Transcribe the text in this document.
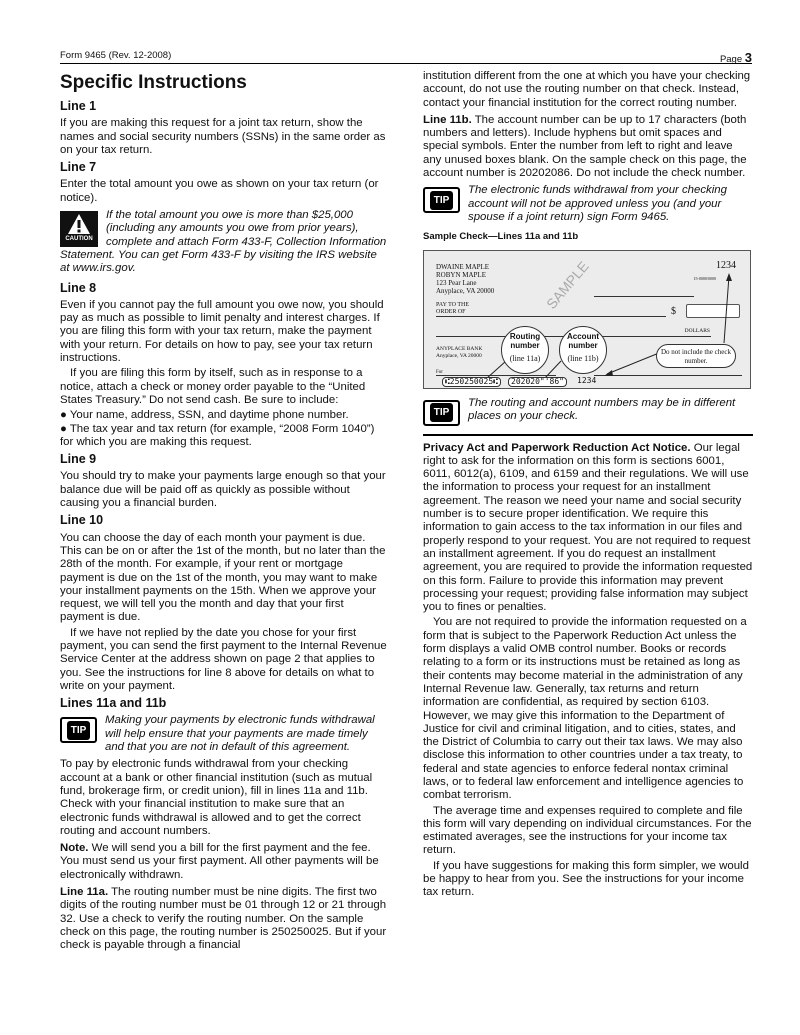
Form 9465 (Rev. 12-2008)	Page 3
Specific Instructions
Line 1

If you are making this request for a joint tax return, show the names and social security numbers (SSNs) in the same order as on your tax return.

Line 7

Enter the total amount you owe as shown on your tax return (or notice).

CAUTION
If the total amount you owe is more than $25,000 (including any amounts you owe from prior years), complete and attach Form 433-F, Collection Information Statement. You can get Form 433-F by visiting the IRS website at www.irs.gov.
Line 8

Even if you cannot pay the full amount you owe now, you should pay as much as possible to limit penalty and interest charges. If you are filing this form with your tax return, make the payment with your return. For details on how to pay, see your tax return instructions.

If you are filing this form by itself, such as in response to a notice, attach a check or money order payable to the “United States Treasury.” Do not send cash. Be sure to include:

● Your name, address, SSN, and daytime phone number.

● The tax year and tax return (for example, “2008 Form 1040”) for which you are making this request.

Line 9

You should try to make your payments large enough so that your balance due will be paid off as quickly as possible without causing you a financial burden.

Line 10

You can choose the day of each month your payment is due. This can be on or after the 1st of the month, but no later than the 28th of the month. For example, if your rent or mortgage payment is due on the 1st of the month, you may want to make your installment payments on the 15th. When we approve your request, we will tell you the month and day that your first payment is due.

If we have not replied by the date you chose for your first payment, you can send the first payment to the Internal Revenue Service Center at the address shown on page 2 that applies to you. See the instructions for line 8 above for details on what to write on your payment.

Lines 11a and 11b
TIP
Making your payments by electronic funds withdrawal will help ensure that your payments are made timely and that you are not in default of this agreement.

To pay by electronic funds withdrawal from your checking account at a bank or other financial institution (such as mutual fund, brokerage firm, or credit union), fill in lines 11a and 11b. Check with your financial institution to make sure that an electronic funds withdrawal is allowed and to get the correct routing and account numbers.

Note. We will send you a bill for the first payment and the fee. You must send us your first payment. All other payments will be electronically withdrawn.

Line 11a. The routing number must be nine digits. The first two digits of the routing number must be 01 through 12 or 21 through 32. Use a check to verify the routing number. On the sample check on this page, the routing number is 250250025. But if your check is payable through a financial

institution different from the one at which you have your checking account, do not use the routing number on that check. Instead, contact your financial institution for the correct routing number.

Line 11b. The account number can be up to 17 characters (both numbers and letters). Include hyphens but omit spaces and special symbols. Enter the number from left to right and leave any unused boxes blank. On the sample check on this page, the account number is 20202086. Do not include the check number.

TIP
The electronic funds withdrawal from your checking account will not be approved unless you (and your spouse if a joint return) sign Form 9465.
Sample Check—Lines 11a and 11b
DWAINE MAPLE
ROBYN MAPLE
123 Pear Lane
Anyplace, VA 20000
1234
PAY TO THE
ORDER OF	$
DOLLARS
SAMPLE
ANYPLACE BANK
Anyplace, VA 20000
For
15-0000/0000
Routing number
(line 11a)
Account number
(line 11b)
Do not include the check number.
⑆250250025⑆	202020"'86"	1234
TIP
The routing and account numbers may be in different places on your check.

Privacy Act and Paperwork Reduction Act Notice. Our legal right to ask for the information on this form is sections 6001, 6011, 6012(a), 6109, and 6159 and their regulations. We will use the information to process your request for an installment agreement. The reason we need your name and social security number is to secure proper identification. We require this information to gain access to the tax information in our files and properly respond to your request. You are not required to request an installment agreement. If you do request an installment agreement, you are required to provide the information requested on this form. Failure to provide this information may prevent processing your request; providing false information may subject you to fines or penalties.

You are not required to provide the information requested on a form that is subject to the Paperwork Reduction Act unless the form displays a valid OMB control number. Books or records relating to a form or its instructions must be retained as long as their contents may become material in the administration of any Internal Revenue law. Generally, tax returns and return information are confidential, as required by section 6103. However, we may give this information to the Department of Justice for civil and criminal litigation, and to cities, states, and the District of Columbia to carry out their tax laws. We may also disclose this information to other countries under a tax treaty, to federal and state agencies to enforce federal nontax criminal laws, or to federal law enforcement and intelligence agencies to combat terrorism.

The average time and expenses required to complete and file this form will vary depending on individual circumstances. For the estimated averages, see the instructions for your income tax return.

If you have suggestions for making this form simpler, we would be happy to hear from you. See the instructions for your income tax return.
